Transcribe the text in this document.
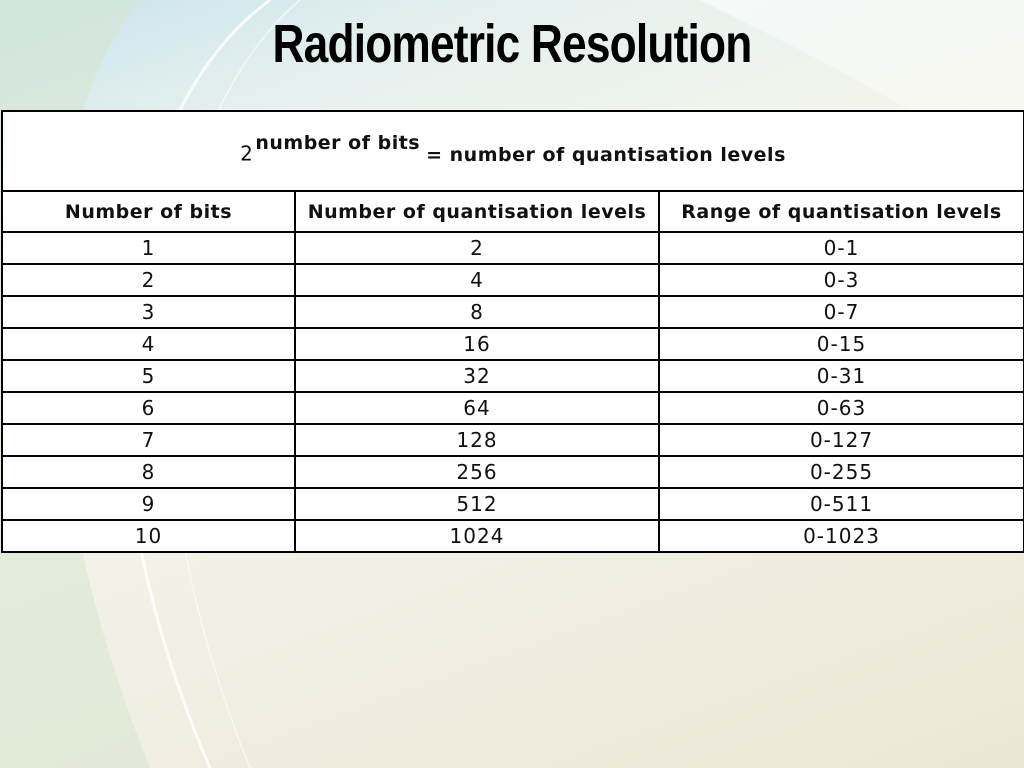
Radiometric Resolution
2 $^{number of bits}$= number of quantisation levels		
Number of bits	Number of quantisation levels	Range of quantisation levels
1	2	0-1
2	4	0-3
3	8	0-7
4	16	0-15
5	32	0-31
6	64	0-63
7	128	0-127
8	256	0-255
9	512	0-511
10	1024	0-1023
